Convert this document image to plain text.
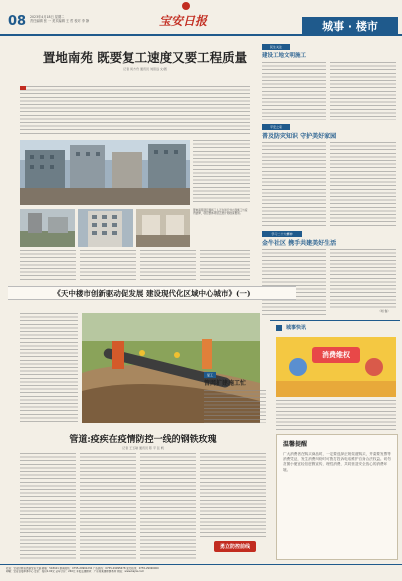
08 2023年4月18日 星期二
责任编辑 张 一 美术编辑 王 哲 校对 李 静	宝安日报	城事 · 楼市
置地南苑 既要复工速度又要工程质量
记者 何方舟 通讯员 刘思远 文/图
置地南苑项目现场工人正在进行外立面施工与室内装修，项目整体进度正按计划稳步推进。
民生关注
建设工地文明施工
平安之家
普及防灾知识 守护美好家园
学习二十大精神
金牛社区 携手共建美好生活
（刘 俊）
《天中楼市创新驱动促发展 建设现代化区域中心城市》(一)
复工
管网扩建施工忙
管道:疫疾在疫情防控一线的钢铁玫瑰
记者 王玉敏 通讯员 陈 平 张 帆
勇立防控前线
城事快讯
消费维权
温馨提醒
广大消费者在购买商品时，一定要选择正规渠道购买，并索要发票等消费凭证，发生消费纠纷时可拨打投诉电话维护自身合法权益。切勿贪图小便宜轻信虚假宣传，理性消费，共同营造安全放心的消费环境。
社址：宝安区新安街道宝安大道 邮编：518101 新闻热线：0755-29991234 广告热线：0755-29995678 发行热线：0755-29990000
印刷：宝安日报印务中心 定价：每份1.00元 全年订价：240元 本报法律顾问：广东某某律师事务所 网址：www.bajrw.com
